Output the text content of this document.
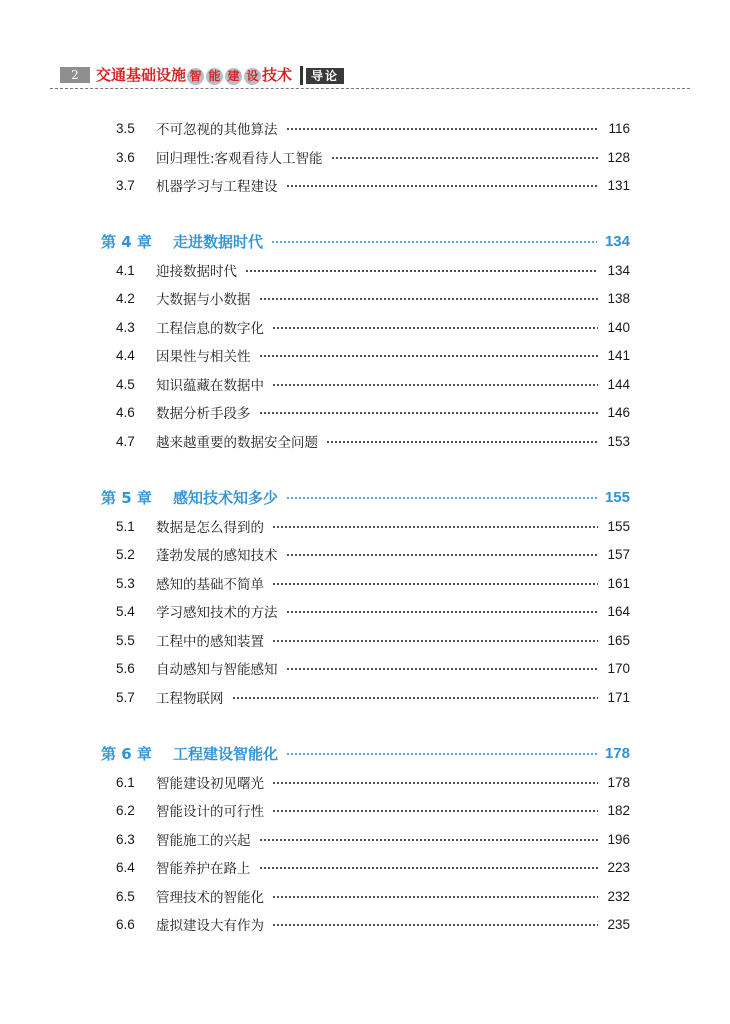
2	交通基础设施 智 能 建 设 技术	导论
3.5	不可忽视的其他算法	116
3.6	回归理性:客观看待人工智能	128
3.7	机器学习与工程建设	131
第 4 章	走进数据时代	134
4.1	迎接数据时代	134
4.2	大数据与小数据	138
4.3	工程信息的数字化	140
4.4	因果性与相关性	141
4.5	知识蕴藏在数据中	144
4.6	数据分析手段多	146
4.7	越来越重要的数据安全问题	153
第 5 章	感知技术知多少	155
5.1	数据是怎么得到的	155
5.2	蓬勃发展的感知技术	157
5.3	感知的基础不简单	161
5.4	学习感知技术的方法	164
5.5	工程中的感知装置	165
5.6	自动感知与智能感知	170
5.7	工程物联网	171
第 6 章	工程建设智能化	178
6.1	智能建设初见曙光	178
6.2	智能设计的可行性	182
6.3	智能施工的兴起	196
6.4	智能养护在路上	223
6.5	管理技术的智能化	232
6.6	虚拟建设大有作为	235
